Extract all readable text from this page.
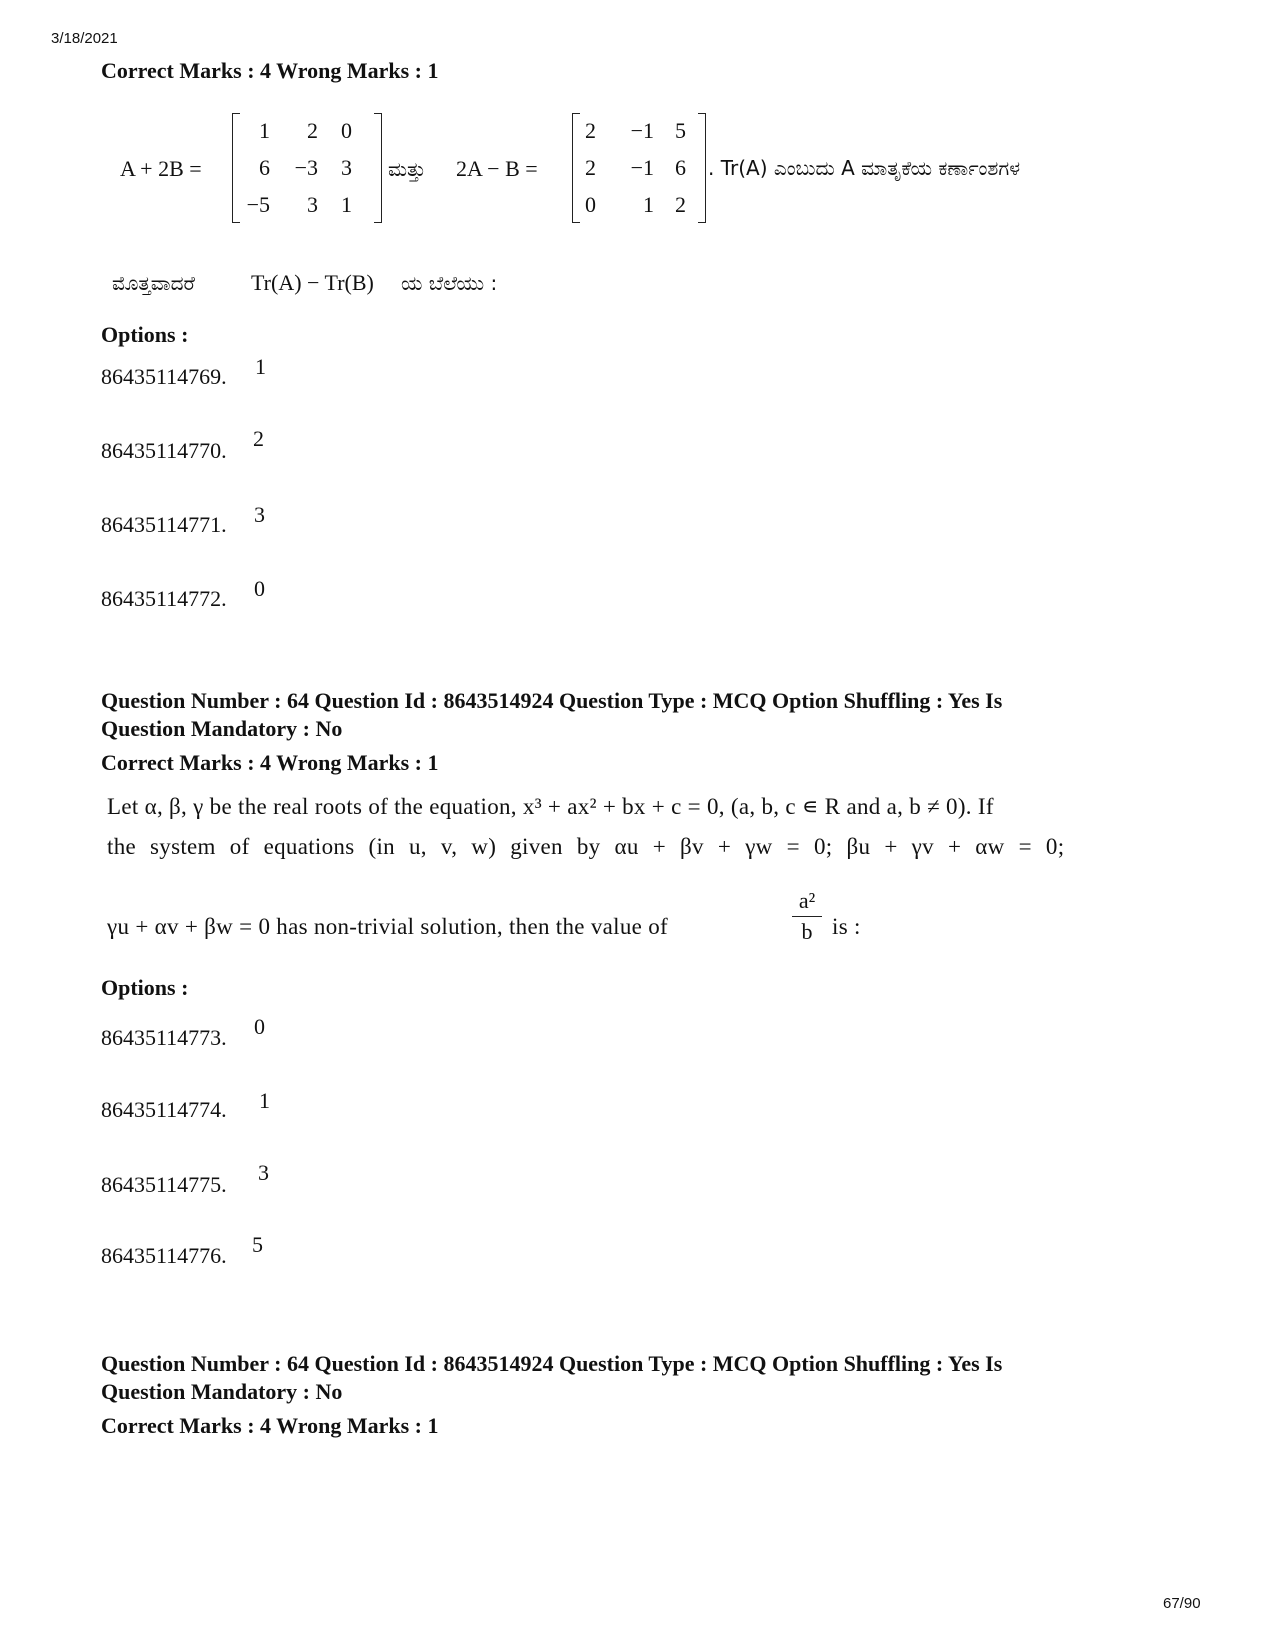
3/18/2021
67/90
Correct Marks : 4 Wrong Marks : 1
A + 2B =
1	2	0
6 −3	3
−5	3	1
ಮತ್ತು 2A − B =
2 −1 5
2 −1 6
0	1 2
. Tr(A) ಎಂಬುದು A ಮಾತೃಕೆಯ ಕರ್ಣಾಂಶಗಳ
ಮೊತ್ತವಾದರೆ	Tr(A) − Tr(B) ಯ ಬೆಲೆಯು :
Options :
86435114769. 1
86435114770. 2
86435114771. 3
86435114772. 0
Question Number : 64 Question Id : 8643514924 Question Type : MCQ Option Shuffling : Yes Is
Question Mandatory : No
Correct Marks : 4 Wrong Marks : 1
Let α, β, γ be the real roots of the equation, x³ + ax² + bx + c = 0, (a, b, c ∊ R and a, b ≠ 0). If
the system of equations (in u, v, w) given by αu + βv + γw = 0; βu + γv + αw = 0;
γu + αv + βw = 0 has non-trivial solution, then the value of
a²
b is :
Options :
86435114773. 0
86435114774. 1
86435114775. 3
86435114776. 5
Question Number : 64 Question Id : 8643514924 Question Type : MCQ Option Shuffling : Yes Is
Question Mandatory : No
Correct Marks : 4 Wrong Marks : 1
